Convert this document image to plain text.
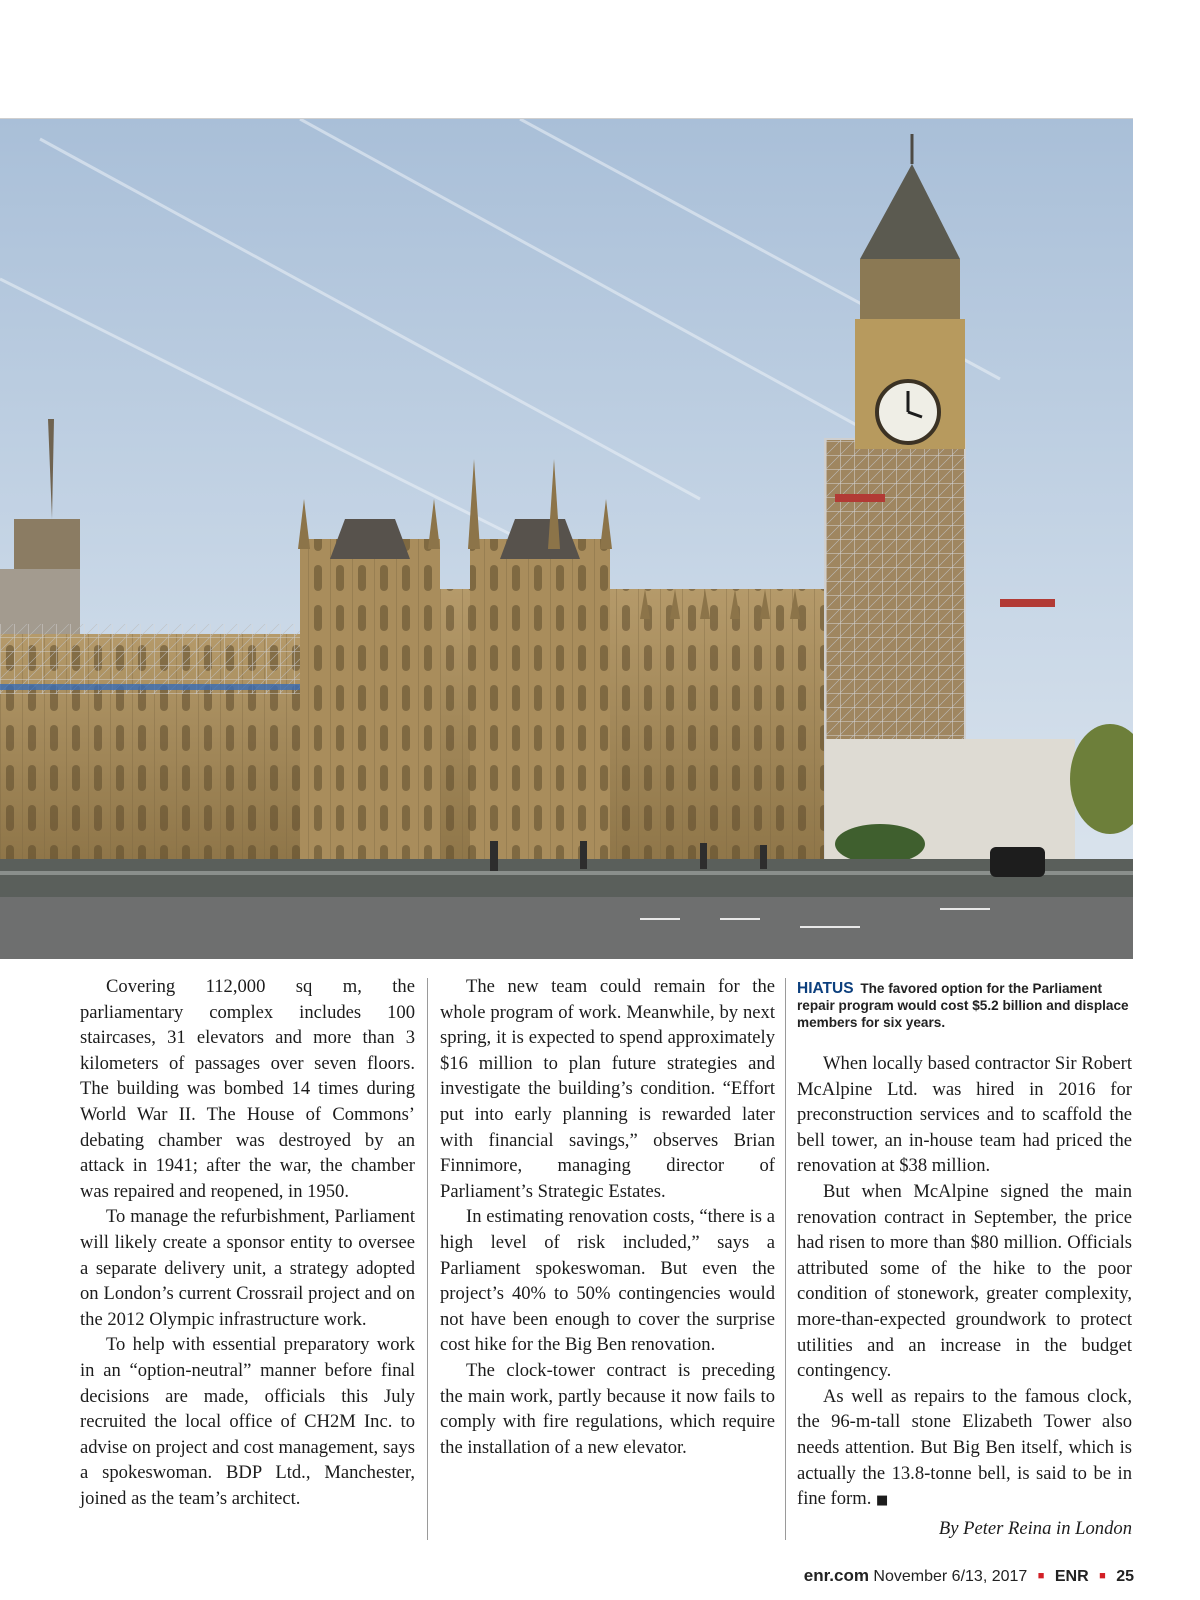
Covering 112,000 sq m, the parliamentary complex includes 100 staircases, 31 elevators and more than 3 kilometers of passages over seven floors. The building was bombed 14 times during World War II. The House of Commons’ debating chamber was destroyed by an attack in 1941; after the war, the chamber was repaired and reopened, in 1950.

To manage the refurbishment, Parliament will likely create a sponsor entity to oversee a separate delivery unit, a strategy adopted on London’s current Crossrail project and on the 2012 Olympic infrastructure work.

To help with essential preparatory work in an “option-neutral” manner before final decisions are made, officials this July recruited the local office of CH2M Inc. to advise on project and cost management, says a spokeswoman. BDP Ltd., Manchester, joined as the team’s architect.

The new team could remain for the whole program of work. Meanwhile, by next spring, it is expected to spend approximately $16 million to plan future strategies and investigate the building’s condition. “Effort put into early planning is rewarded later with financial savings,” observes Brian Finnimore, managing director of Parliament’s Strategic Estates.

In estimating renovation costs, “there is a high level of risk included,” says a Parliament spokeswoman. But even the project’s 40% to 50% contingencies would not have been enough to cover the surprise cost hike for the Big Ben renovation.

The clock-tower contract is preceding the main work, partly because it now fails to comply with fire regulations, which require the installation of a new elevator.

HIATUS The favored option for the Parliament repair program would cost $5.2 billion and displace members for six years.

When locally based contractor Sir Robert McAlpine Ltd. was hired in 2016 for preconstruction services and to scaffold the bell tower, an in-house team had priced the renovation at $38 million.

But when McAlpine signed the main renovation contract in September, the price had risen to more than $80 million. Officials attributed some of the hike to the poor condition of stonework, greater complexity, more-than-expected groundwork to protect utilities and an increase in the budget contingency.

As well as repairs to the famous clock, the 96-m-tall stone Elizabeth Tower also needs attention. But Big Ben itself, which is actually the 13.8-tonne bell, is said to be in fine form. ■

By Peter Reina in London

enr.com November 6/13, 2017 ■ ENR ■ 25
